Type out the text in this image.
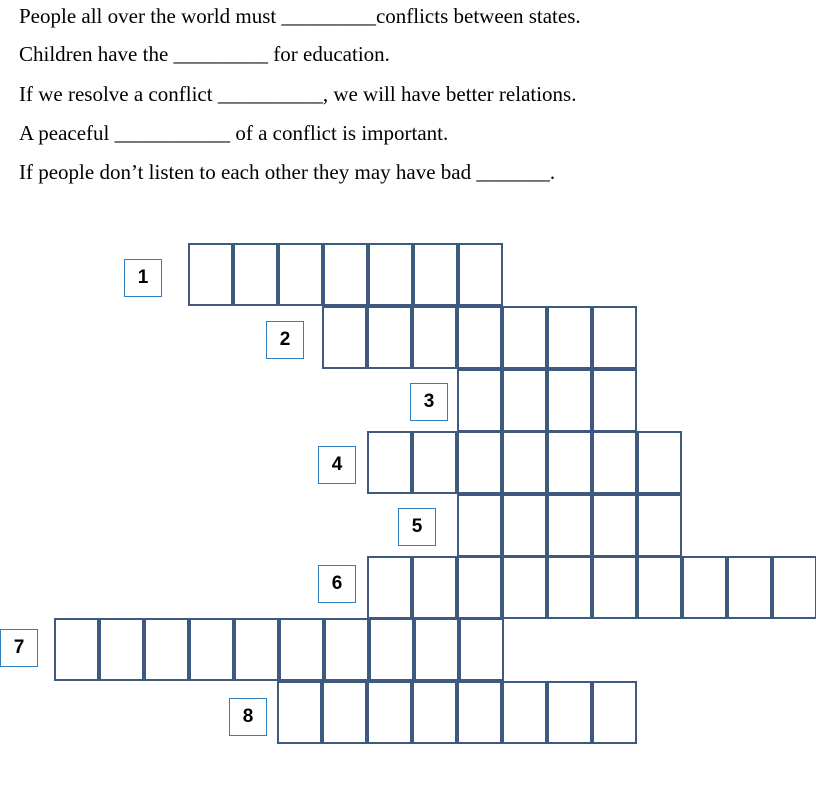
People all over the world must _________conflicts between states.
Children have the _________ for education.
If we resolve a conflict __________, we will have better relations.
A peaceful ___________ of a conflict is important.
If people don’t listen to each other they may have bad _______.
1
2
3
4
5
6
7
8
